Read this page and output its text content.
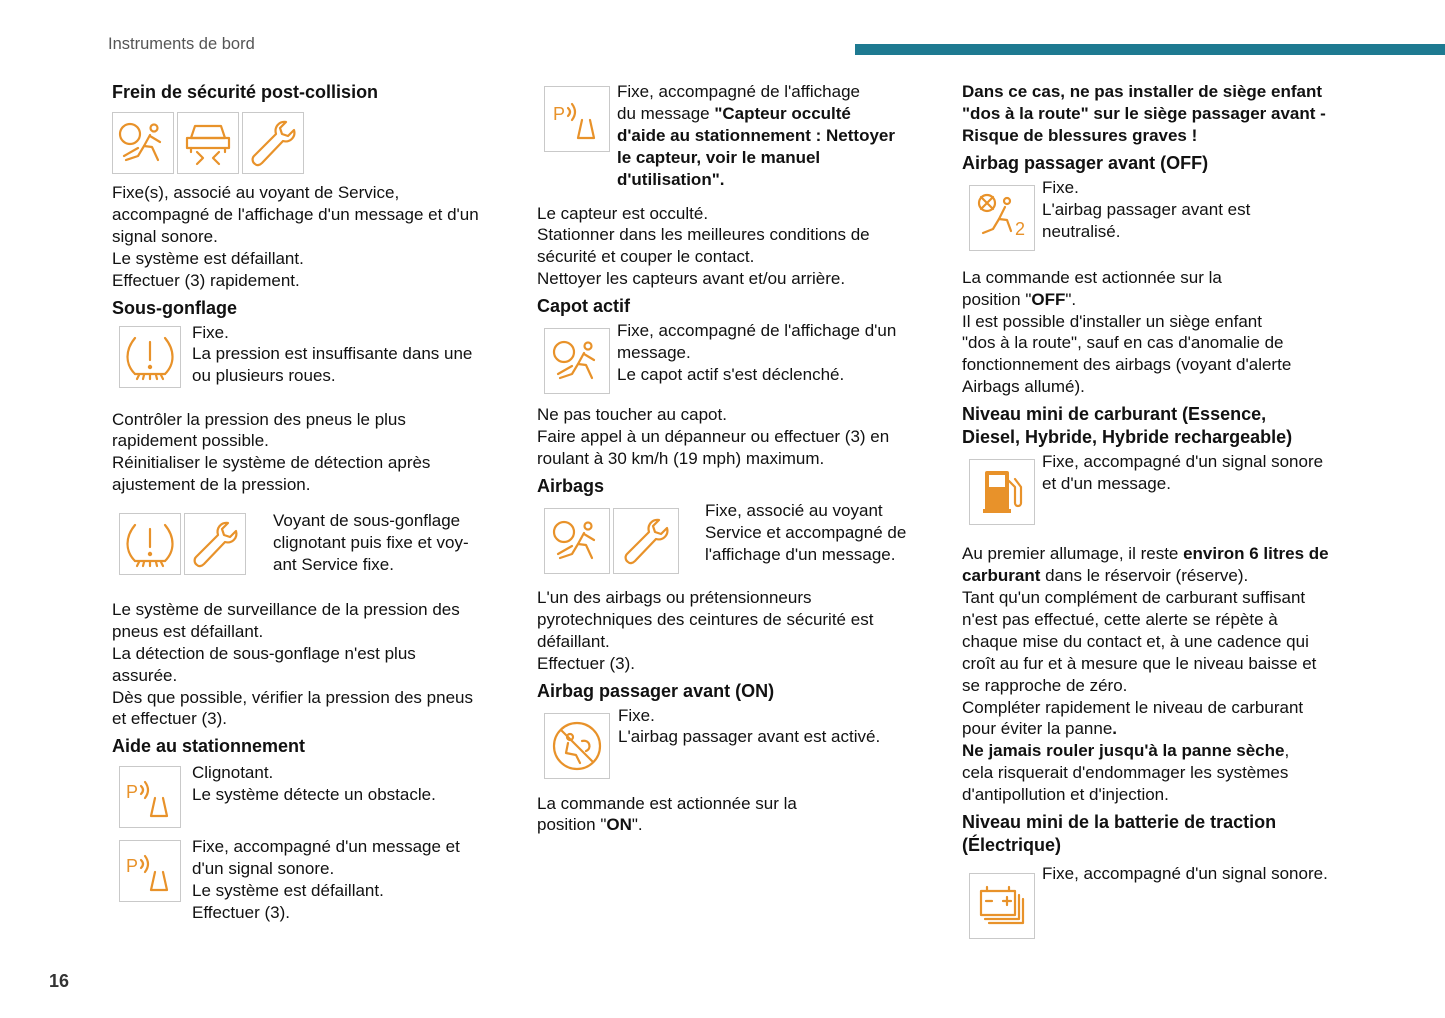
Instruments de bord
16

Frein de sécurité post-collision

Fixe(s), associé au voyant de Service,

accompagné de l'affichage d'un message et d'un

signal sonore.

Le système est défaillant.

Effectuer (3) rapidement.

Sous-gonflage

Fixe.

La pression est insuffisante dans une

ou plusieurs roues.

Contrôler la pression des pneus le plus

rapidement possible.

Réinitialiser le système de détection après

ajustement de la pression.

Voyant de sous-gonflage

clignotant puis fixe et voy-

ant Service fixe.

Le système de surveillance de la pression des

pneus est défaillant.

La détection de sous-gonflage n'est plus

assurée.

Dès que possible, vérifier la pression des pneus

et effectuer (3).

Aide au stationnement

Clignotant.

Le système détecte un obstacle.

Fixe, accompagné d'un message et

d'un signal sonore.

Le système est défaillant.

Effectuer (3).

Fixe, accompagné de l'affichage

du message "Capteur occulté

d'aide au stationnement : Nettoyer

le capteur, voir le manuel

d'utilisation".

Le capteur est occulté.

Stationner dans les meilleures conditions de

sécurité et couper le contact.

Nettoyer les capteurs avant et/ou arrière.

Capot actif

Fixe, accompagné de l'affichage d'un

message.

Le capot actif s'est déclenché.

Ne pas toucher au capot.

Faire appel à un dépanneur ou effectuer (3) en

roulant à 30 km/h (19 mph) maximum.

Airbags

Fixe, associé au voyant

Service et accompagné de

l'affichage d'un message.

L'un des airbags ou prétensionneurs

pyrotechniques des ceintures de sécurité est

défaillant.

Effectuer (3).

Airbag passager avant (ON)

Fixe.

L'airbag passager avant est activé.

La commande est actionnée sur la

position "ON".

Dans ce cas, ne pas installer de siège enfant

"dos à la route" sur le siège passager avant -

Risque de blessures graves !

Airbag passager avant (OFF)

Fixe.

L'airbag passager avant est

neutralisé.

La commande est actionnée sur la

position "OFF".

Il est possible d'installer un siège enfant

"dos à la route", sauf en cas d'anomalie de

fonctionnement des airbags (voyant d'alerte

Airbags allumé).

Niveau mini de carburant (Essence,

Diesel, Hybride, Hybride rechargeable)

Fixe, accompagné d'un signal sonore

et d'un message.

Au premier allumage, il reste environ 6 litres de

carburant dans le réservoir (réserve).

Tant qu'un complément de carburant suffisant

n'est pas effectué, cette alerte se répète à

chaque mise du contact et, à une cadence qui

croît au fur et à mesure que le niveau baisse et

se rapproche de zéro.

Compléter rapidement le niveau de carburant

pour éviter la panne.

Ne jamais rouler jusqu'à la panne sèche,

cela risquerait d'endommager les systèmes

d'antipollution et d'injection.

Niveau mini de la batterie de traction

(Électrique)

Fixe, accompagné d'un signal sonore.
